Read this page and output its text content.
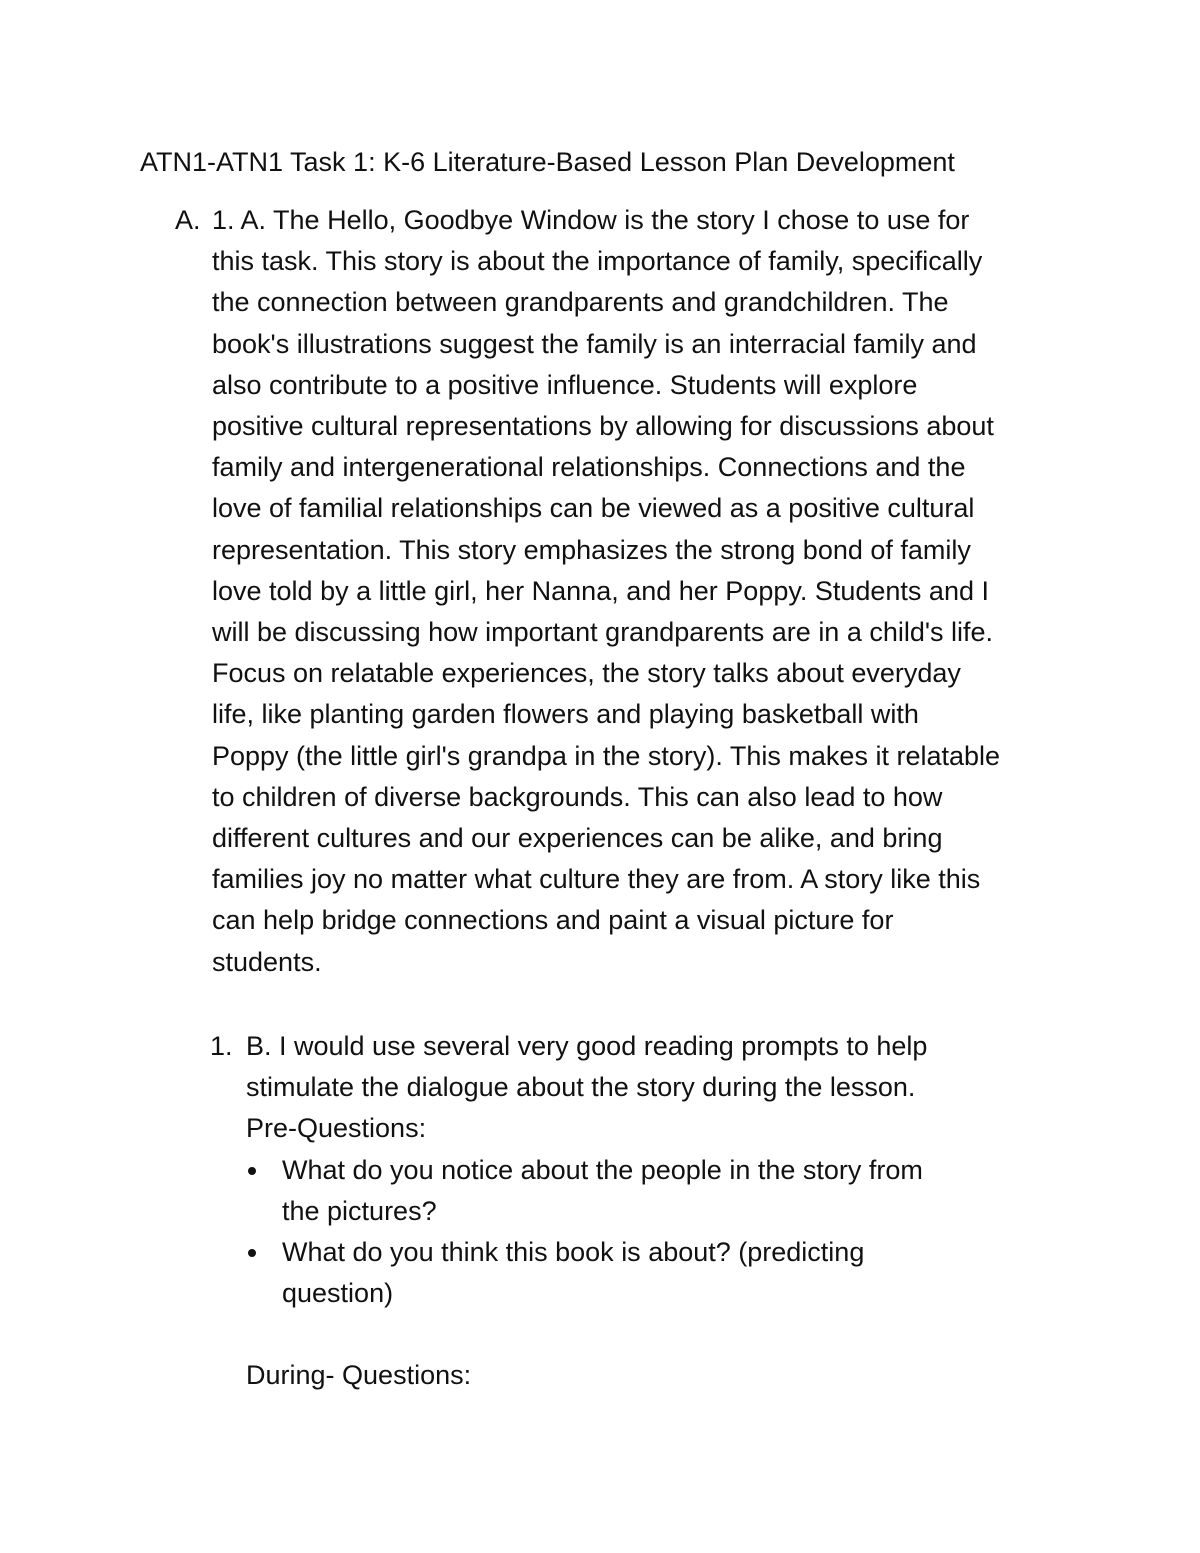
ATN1-ATN1 Task 1: K-6 Literature-Based Lesson Plan Development
A. 1. A. The Hello, Goodbye Window is the story I chose to use for
this task. This story is about the importance of family, specifically
the connection between grandparents and grandchildren. The
book's illustrations suggest the family is an interracial family and
also contribute to a positive influence. Students will explore
positive cultural representations by allowing for discussions about
family and intergenerational relationships. Connections and the
love of familial relationships can be viewed as a positive cultural
representation. This story emphasizes the strong bond of family
love told by a little girl, her Nanna, and her Poppy. Students and I
will be discussing how important grandparents are in a child's life.
Focus on relatable experiences, the story talks about everyday
life, like planting garden flowers and playing basketball with
Poppy (the little girl's grandpa in the story). This makes it relatable
to children of diverse backgrounds. This can also lead to how
different cultures and our experiences can be alike, and bring
families joy no matter what culture they are from. A story like this
can help bridge connections and paint a visual picture for
students.
1. B. I would use several very good reading prompts to help
stimulate the dialogue about the story during the lesson.
Pre-Questions:
What do you notice about the people in the story from
the pictures?
What do you think this book is about? (predicting
question)
During- Questions:
